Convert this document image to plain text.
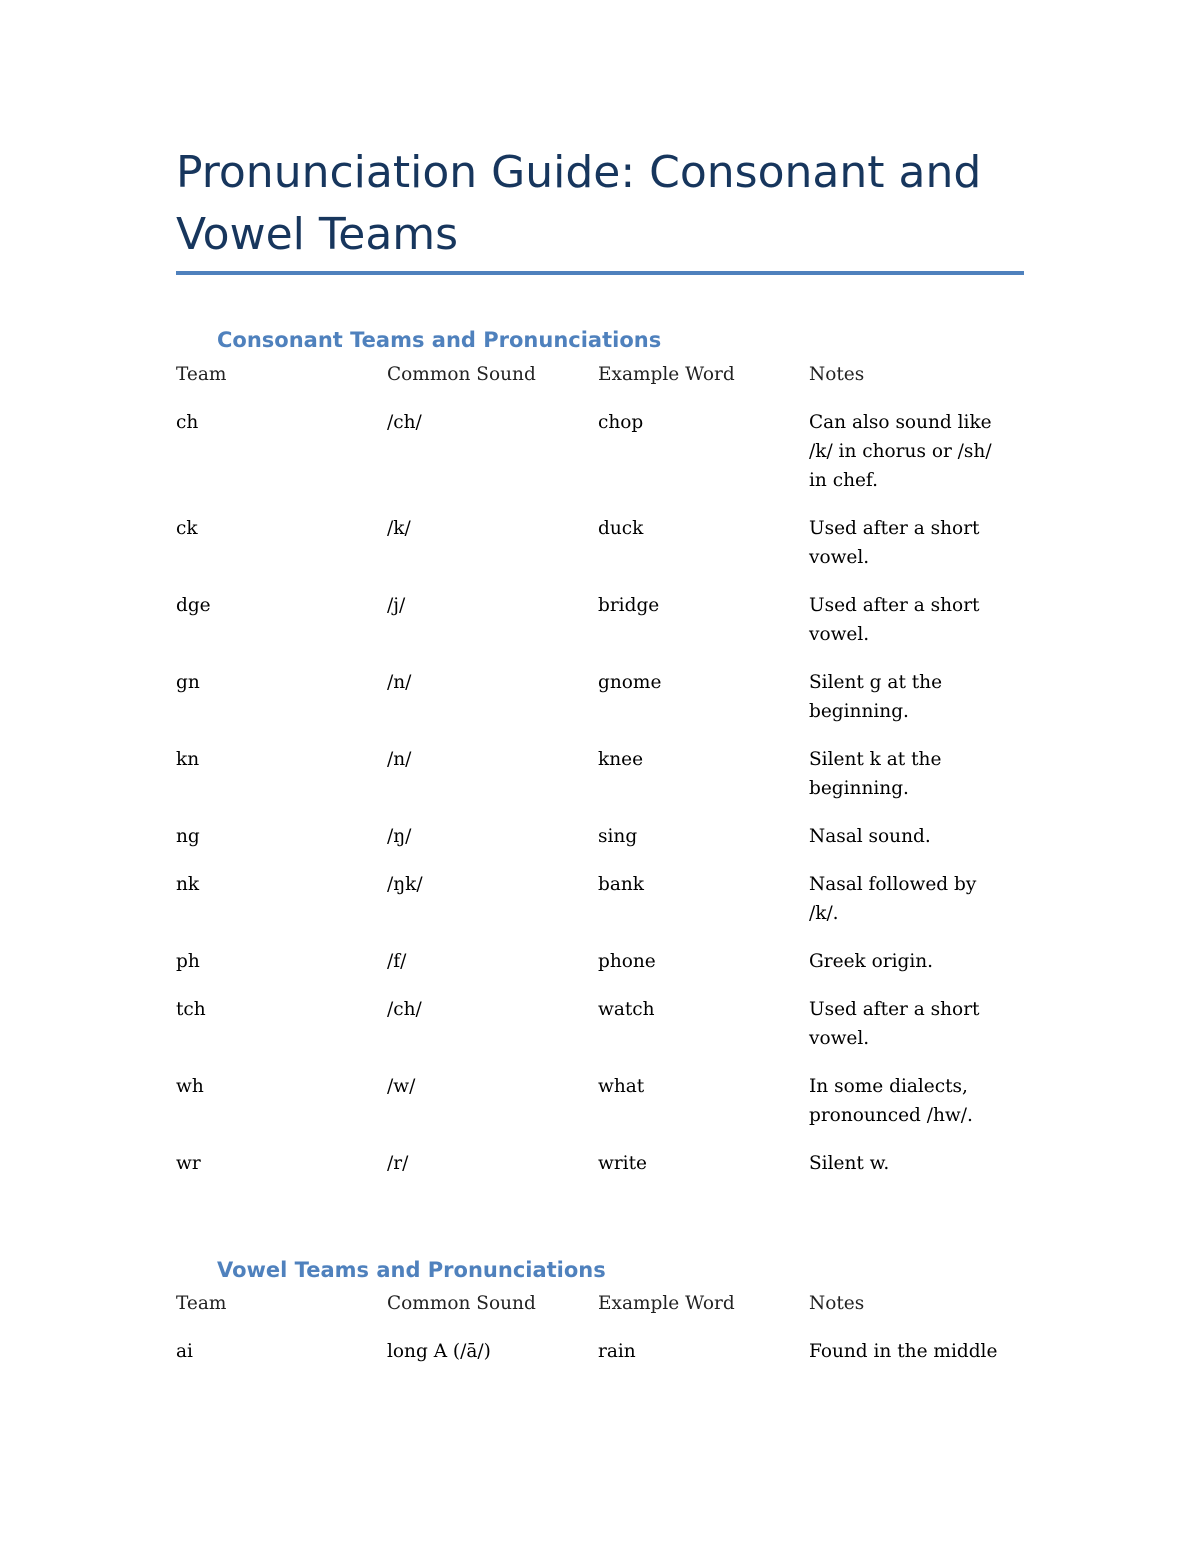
Pronunciation Guide: Consonant and Vowel Teams
Consonant Teams and Pronunciations
Team	Common Sound	Example Word	Notes
ch	/ch/	chop	Can also sound like /k/ in chorus or /sh/ in chef.
ck	/k/	duck	Used after a short vowel.
dge	/j/	bridge	Used after a short vowel.
gn	/n/	gnome	Silent g at the beginning.
kn	/n/	knee	Silent k at the beginning.
ng	/ŋ/	sing	Nasal sound.
nk	/ŋk/	bank	Nasal followed by /k/.
ph	/f/	phone	Greek origin.
tch	/ch/	watch	Used after a short vowel.
wh	/w/	what	In some dialects, pronounced /hw/.
wr	/r/	write	Silent w.
Vowel Teams and Pronunciations
Team	Common Sound	Example Word	Notes
ai	long A (/ā/)	rain	Found in the middle
